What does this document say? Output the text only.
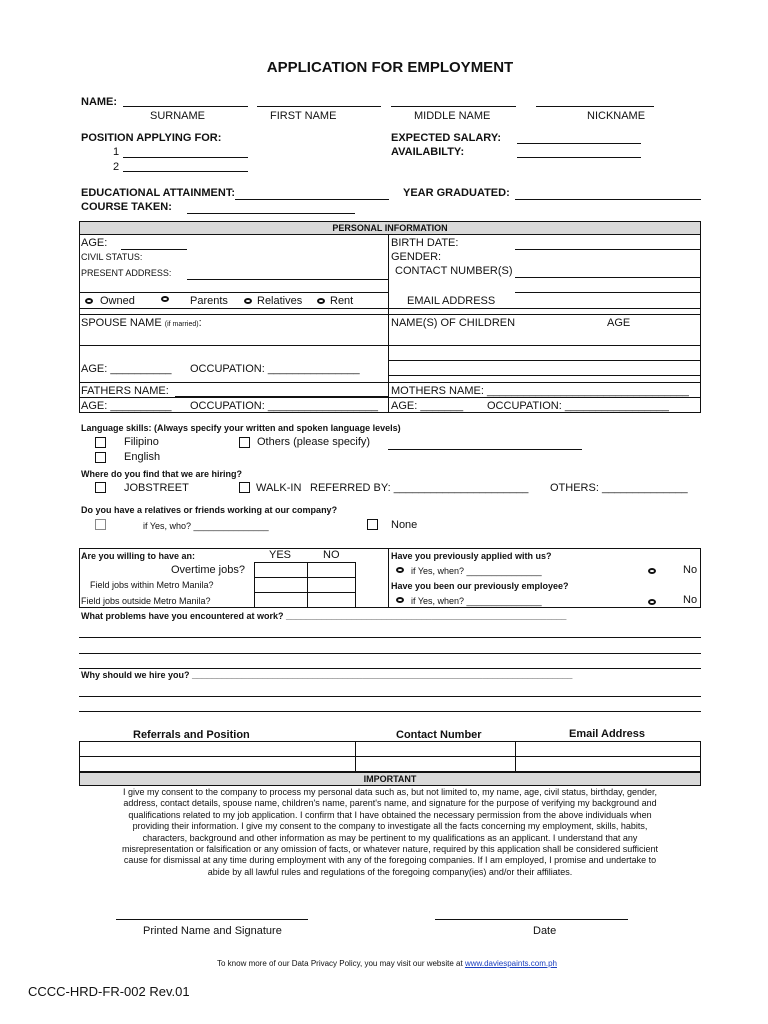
APPLICATION FOR EMPLOYMENT
NAME:
SURNAME	FIRST NAME	MIDDLE NAME	NICKNAME
POSITION APPLYING FOR:
1
2
EXPECTED SALARY:
AVAILABILTY:
EDUCATIONAL ATTAINMENT:	YEAR GRADUATED:
COURSE TAKEN:
PERSONAL INFORMATION
AGE:	BIRTH DATE:
CIVIL STATUS:	GENDER:
PRESENT ADDRESS:	CONTACT NUMBER(S)
Owned	Parents	Relatives	Rent	EMAIL ADDRESS
SPOUSE NAME (if married):	NAME(S) OF CHILDREN	AGE
AGE: __________ OCCUPATION: _______________
FATHERS NAME:	MOTHERS NAME: _________________________________
AGE: __________ OCCUPATION: __________________ AGE: _______ OCCUPATION: _________________
Language skills: (Always specify your written and spoken language levels)
Filipino	Others (please specify)
English
Where do you find that we are hiring?
JOBSTREET	WALK-IN REFERRED BY: ______________________ OTHERS: ______________
Do you have a relatives or friends working at our company?
if Yes, who? _______________	None
Are you willing to have an:	YES	NO
Overtime jobs?
Field jobs within Metro Manila?
Field jobs outside Metro Manila?
Have you previously applied with us?
if Yes, when? _______________	No
Have you been our previously employee?
if Yes, when? _______________	No
What problems have you encountered at work? ________________________________________________________
Why should we hire you? ____________________________________________________________________________
Referrals and Position	Contact Number	Email Address
IMPORTANT
I give my consent to the company to process my personal data such as, but not limited to, my name, age, civil status, birthday, gender,
address, contact details, spouse name, children's name, parent's name, and signature for the purpose of verifying my background and
qualifications related to my job application. I confirm that I have obtained the necessary permission from the above individuals when
providing their information. I give my consent to the company to investigate all the facts concerning my employment, skills, habits,
characters, background and other information as may be pertinent to my qualifications as an applicant. I understand that any
misrepresentation or falsification or any omission of facts, or whatever nature, required by this application shall be considered sufficient
cause for dismissal at any time during employment with any of the foregoing companies. If I am employed, I promise and undertake to
abide by all lawful rules and regulations of the foregoing company(ies) and/or their affiliates.
Printed Name and Signature	Date
To know more of our Data Privacy Policy, you may visit our website at www.daviespaints.com.ph
CCCC-HRD-FR-002 Rev.01
